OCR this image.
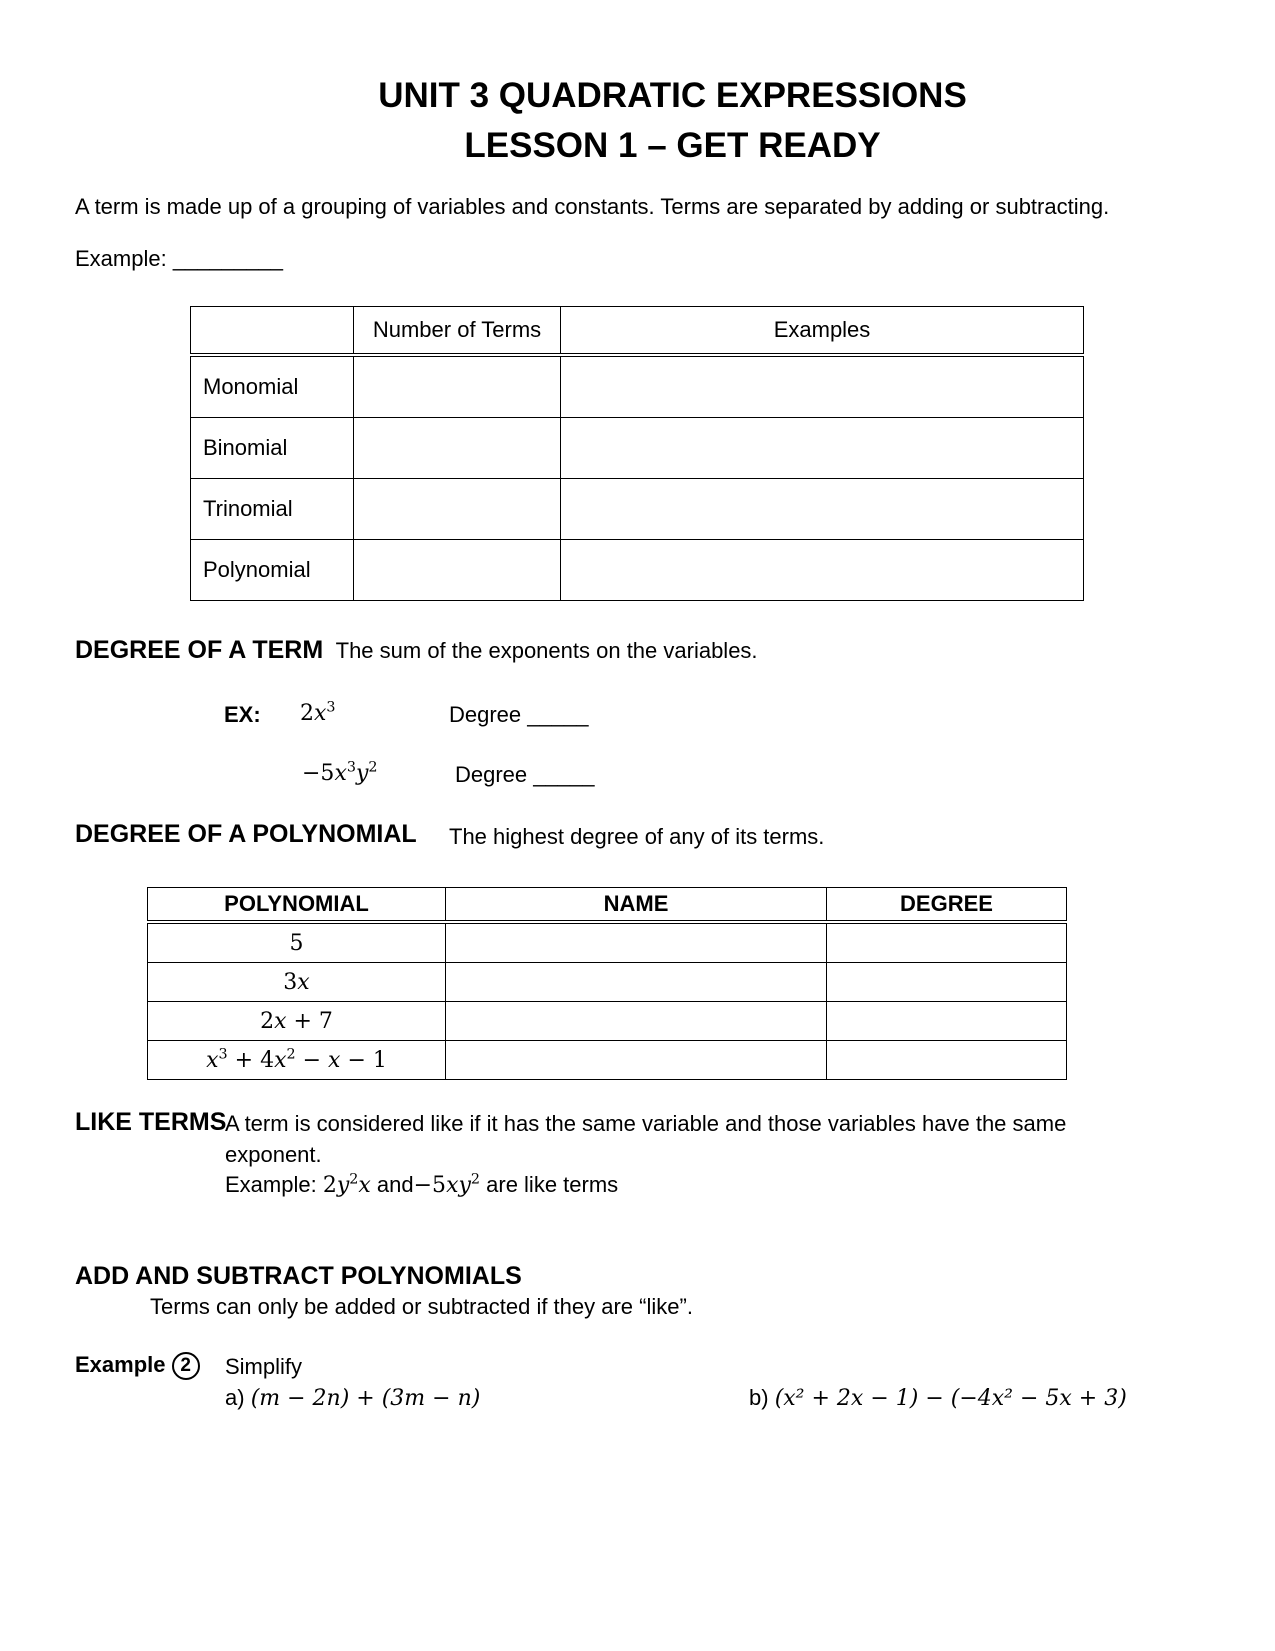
UNIT 3 QUADRATIC EXPRESSIONS
LESSON 1 – GET READY
A term is made up of a grouping of variables and constants. Terms are separated by adding or subtracting.
Example: _________
	Number of Terms	Examples
Monomial		
Binomial		
Trinomial		
Polynomial		
DEGREE OF A TERM The sum of the exponents on the variables.
EX: $2x^3$	Degree _____
$-5x^3y^2$	Degree _____
DEGREE OF A POLYNOMIAL The highest degree of any of its terms.
POLYNOMIAL	NAME	DEGREE
5		
3x		
2x + 7		
$x^3 + 4x^2 - x - 1$		
LIKE TERMS
A term is considered like if it has the same variable and those variables have the same
exponent.
Example: $2y^2x$ $and-5xy^2$ are like terms
ADD AND SUBTRACT POLYNOMIALS
Terms can only be added or subtracted if they are “like”.
Example 2	Simplify
a) (m − 2n) + (3m − n)	b) (x² + 2x − 1) − (−4x² − 5x + 3)
